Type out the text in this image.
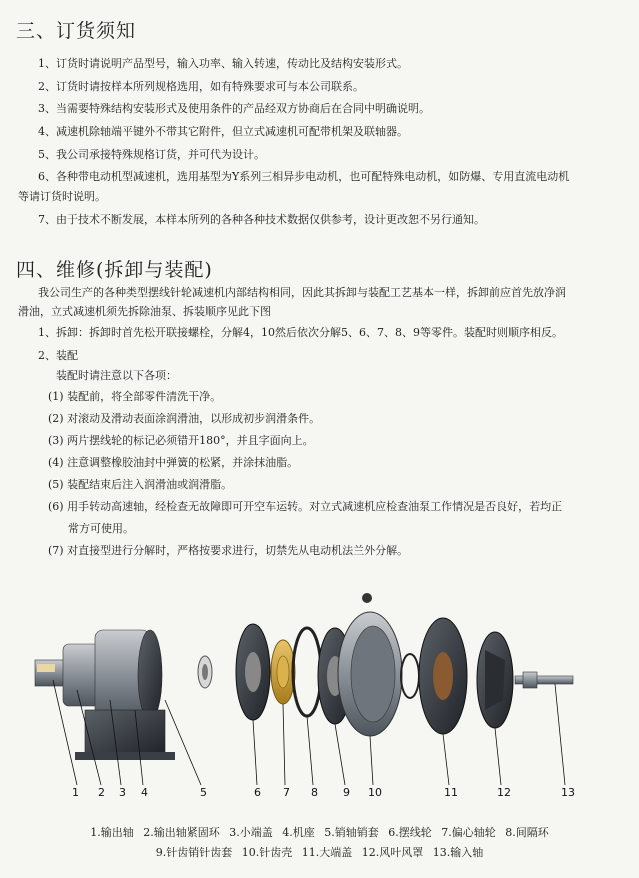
三、订货须知

1、订货时请说明产品型号，输入功率、输入转速，传动比及结构安装形式。

2、订货时请按样本所列规格选用，如有特殊要求可与本公司联系。

3、当需要特殊结构安装形式及使用条件的产品经双方协商后在合同中明确说明。

4、减速机除轴端平键外不带其它附件，但立式减速机可配带机架及联轴器。

5、我公司承接特殊规格订货，并可代为设计。

6、各种带电动机型减速机，选用基型为Y系列三相异步电动机，也可配特殊电动机，如防爆、专用直流电动机

等请订货时说明。

7、由于技术不断发展，本样本所列的各种各种技术数据仅供参考，设计更改恕不另行通知。

四、维修(拆卸与装配)

我公司生产的各种类型摆线针轮减速机内部结构相同，因此其拆卸与装配工艺基本一样，拆卸前应首先放净润

滑油，立式减速机须先拆除油泵、拆装顺序见此下图

1、拆卸：拆卸时首先松开联接螺栓，分解4，10然后依次分解5、6、7、8、9等零件。装配时则顺序相反。

2、装配

装配时请注意以下各项：

(1) 装配前，将全部零件清洗干净。

(2) 对滚动及滑动表面涂润滑油，以形成初步润滑条件。

(3) 两片摆线轮的标记必须错开180°，并且字面向上。

(4) 注意调整橡胶油封中弹簧的松紧，并涂抹油脂。

(5) 装配结束后注入润滑油或润滑脂。

(6) 用手转动高速轴，经检查无故障即可开空车运转。对立式减速机应检查油泵工作情况是否良好，若均正

常方可使用。

(7) 对直接型进行分解时，严格按要求进行，切禁先从电动机法兰外分解。

1 2 3 4	5	6 7 8 9 10	11	12	13
1.输出轴 2.输出轴紧固环 3.小端盖 4.机座 5.销轴销套 6.摆线轮 7.偏心轴轮 8.间隔环
9.针齿销针齿套 10.针齿壳 11.大端盖 12.风叶风罩 13.输入轴
